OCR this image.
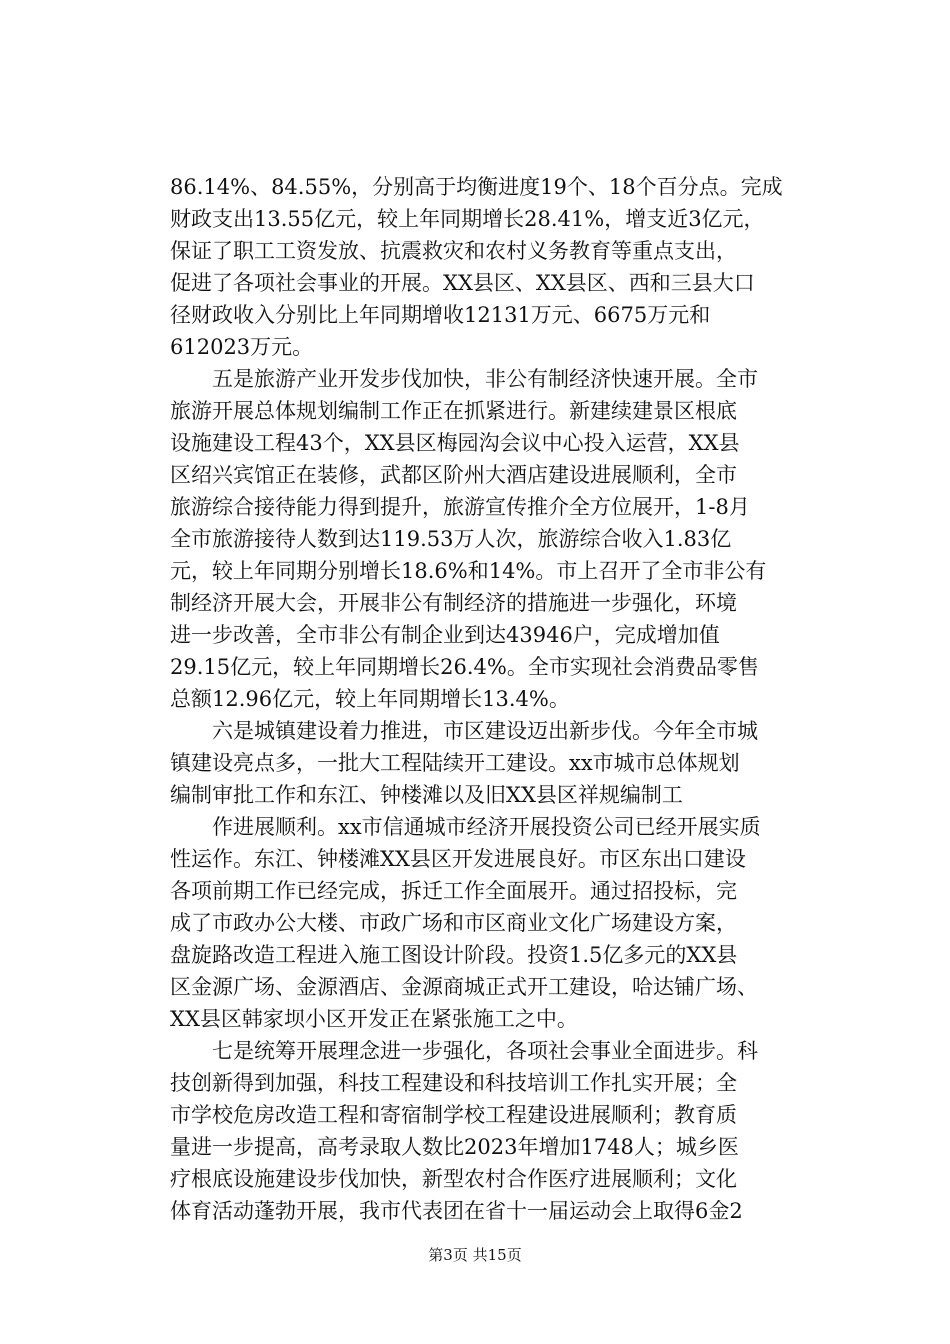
86.14%、84.55%，分别高于均衡进度19个、18个百分点。完成

财政支出13.55亿元，较上年同期增长28.41%，增支近3亿元，

保证了职工工资发放、抗震救灾和农村义务教育等重点支出，

促进了各项社会事业的开展。XX县区、XX县区、西和三县大口

径财政收入分别比上年同期增收12131万元、6675万元和

612023万元。

　　五是旅游产业开发步伐加快，非公有制经济快速开展。全市

旅游开展总体规划编制工作正在抓紧进行。新建续建景区根底

设施建设工程43个，XX县区梅园沟会议中心投入运营，XX县

区绍兴宾馆正在装修，武都区阶州大酒店建设进展顺利，全市

旅游综合接待能力得到提升，旅游宣传推介全方位展开，1-8月

全市旅游接待人数到达119.53万人次，旅游综合收入1.83亿

元，较上年同期分别增长18.6%和14%。市上召开了全市非公有

制经济开展大会，开展非公有制经济的措施进一步强化，环境

进一步改善，全市非公有制企业到达43946户，完成增加值

29.15亿元，较上年同期增长26.4%。全市实现社会消费品零售

总额12.96亿元，较上年同期增长13.4%。

　　六是城镇建设着力推进，市区建设迈出新步伐。今年全市城

镇建设亮点多，一批大工程陆续开工建设。xx市城市总体规划

编制审批工作和东江、钟楼滩以及旧XX县区祥规编制工

　　作进展顺利。xx市信通城市经济开展投资公司已经开展实质

性运作。东江、钟楼滩XX县区开发进展良好。市区东出口建设

各项前期工作已经完成，拆迁工作全面展开。通过招投标，完

成了市政办公大楼、市政广场和市区商业文化广场建设方案，

盘旋路改造工程进入施工图设计阶段。投资1.5亿多元的XX县

区金源广场、金源酒店、金源商城正式开工建设，哈达铺广场、

XX县区韩家坝小区开发正在紧张施工之中。

　　七是统筹开展理念进一步强化，各项社会事业全面进步。科

技创新得到加强，科技工程建设和科技培训工作扎实开展；全

市学校危房改造工程和寄宿制学校工程建设进展顺利；教育质

量进一步提高，高考录取人数比2023年增加1748人；城乡医

疗根底设施建设步伐加快，新型农村合作医疗进展顺利；文化

体育活动蓬勃开展，我市代表团在省十一届运动会上取得6金2

第3页 共15页
